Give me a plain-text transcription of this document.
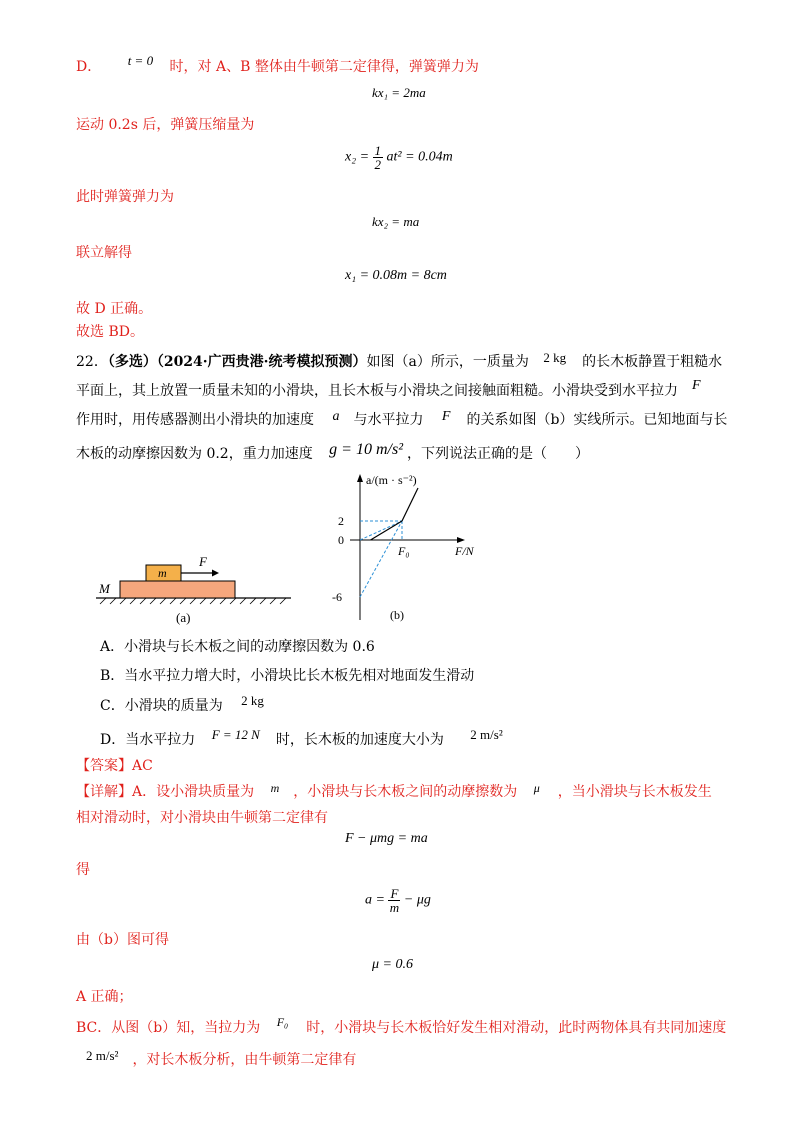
D． t = 0 时，对 A、B 整体由牛顿第二定律得，弹簧弹力为
kx₁ = 2ma
运动 0.2s 后，弹簧压缩量为
$x_2 = \frac{1}{2} at^2 = 0.04m$
此时弹簧弹力为
kx₂ = ma
联立解得
x₁ = 0.08m = 8cm
故 D 正确。
故选 BD。
22．（多选）（2024·广西贵港·统考模拟预测）如图（a）所示，一质量为 2 kg 的长木板静置于粗糙水
平面上，其上放置一质量未知的小滑块，且长木板与小滑块之间接触面粗糙。小滑块受到水平拉力 F
作用时，用传感器测出小滑块的加速度 a 与水平拉力 F 的关系如图（b）实线所示。已知地面与长
木板的动摩擦因数为 0.2，重力加速度 g = 10 m/s² ，下列说法正确的是（　　）
m
F
M
(a)
a/(m · s⁻²)
F/N
2
0
-6
F₀
(b)
A．小滑块与长木板之间的动摩擦因数为 0.6
B．当水平拉力增大时，小滑块比长木板先相对地面发生滑动
C．小滑块的质量为 2 kg
D．当水平拉力 F = 12 N 时，长木板的加速度大小为 2 m/s²
【答案】AC
【详解】A．设小滑块质量为 m ，小滑块与长木板之间的动摩擦数为 μ ，当小滑块与长木板发生
相对滑动时，对小滑块由牛顿第二定律有
F − μmg = ma
得
$a = \frac{F}{m} - \mu g$
由（b）图可得
μ = 0.6
A 正确；
BC．从图（b）知，当拉力为 F₀ 时，小滑块与长木板恰好发生相对滑动，此时两物体具有共同加速度
2 m/s² ，对长木板分析，由牛顿第二定律有
